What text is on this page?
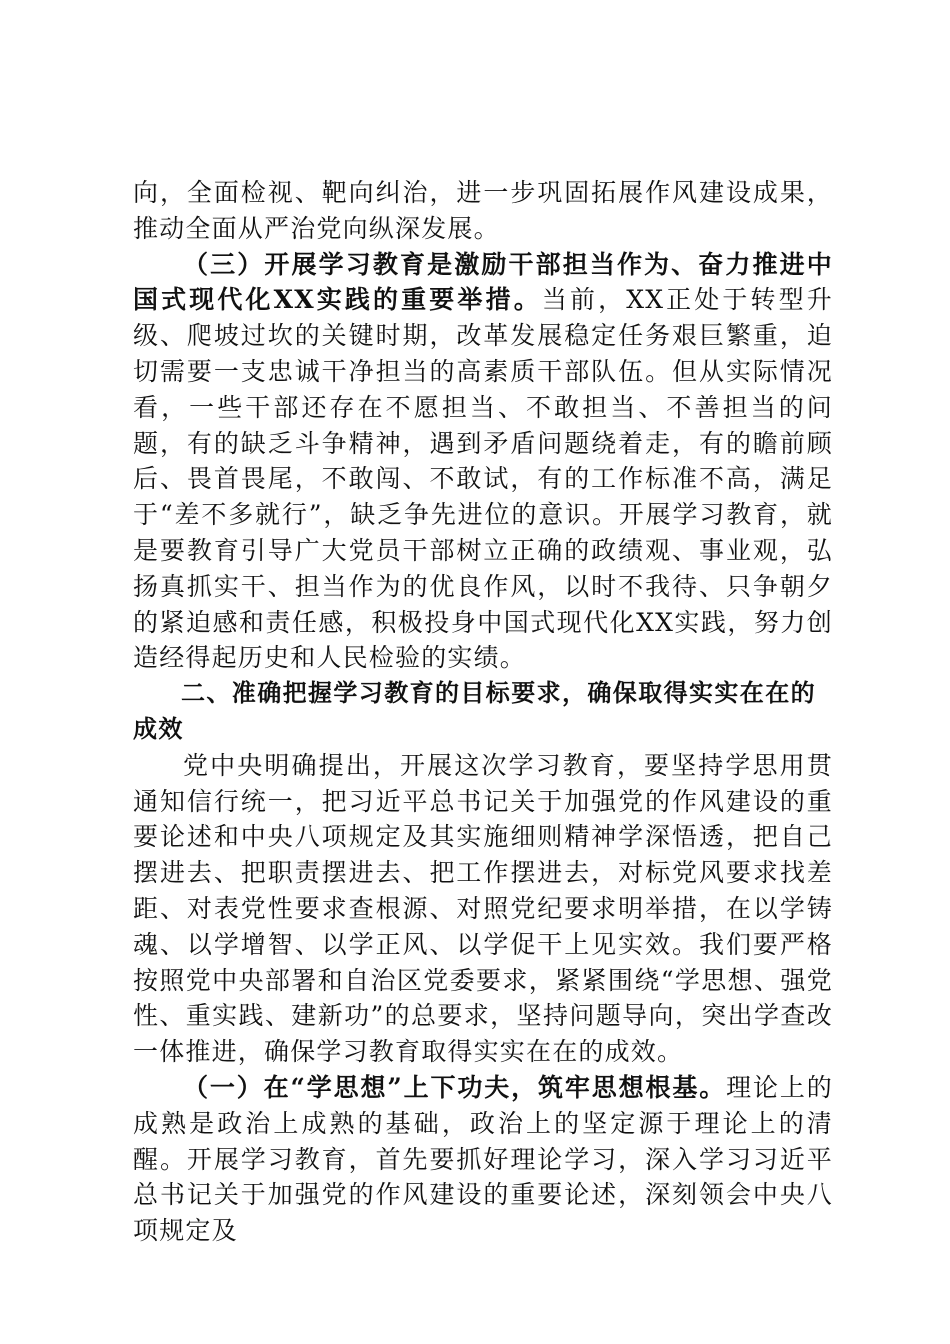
向，全面检视、靶向纠治，进一步巩固拓展作风建设成果，推动全面从严治党向纵深发展。

（三）开展学习教育是激励干部担当作为、奋力推进中国式现代化XX实践的重要举措。当前，XX正处于转型升级、爬坡过坎的关键时期，改革发展稳定任务艰巨繁重，迫切需要一支忠诚干净担当的高素质干部队伍。但从实际情况看，一些干部还存在不愿担当、不敢担当、不善担当的问题，有的缺乏斗争精神，遇到矛盾问题绕着走，有的瞻前顾后、畏首畏尾，不敢闯、不敢试，有的工作标准不高，满足于“差不多就行”，缺乏争先进位的意识。开展学习教育，就是要教育引导广大党员干部树立正确的政绩观、事业观，弘扬真抓实干、担当作为的优良作风，以时不我待、只争朝夕的紧迫感和责任感，积极投身中国式现代化XX实践，努力创造经得起历史和人民检验的实绩。

二、准确把握学习教育的目标要求，确保取得实实在在的成效

党中央明确提出，开展这次学习教育，要坚持学思用贯通知信行统一，把习近平总书记关于加强党的作风建设的重要论述和中央八项规定及其实施细则精神学深悟透，把自己摆进去、把职责摆进去、把工作摆进去，对标党风要求找差距、对表党性要求查根源、对照党纪要求明举措，在以学铸魂、以学增智、以学正风、以学促干上见实效。我们要严格按照党中央部署和自治区党委要求，紧紧围绕“学思想、强党性、重实践、建新功”的总要求，坚持问题导向，突出学查改一体推进，确保学习教育取得实实在在的成效。

（一）在“学思想”上下功夫，筑牢思想根基。理论上的成熟是政治上成熟的基础，政治上的坚定源于理论上的清醒。开展学习教育，首先要抓好理论学习，深入学习习近平总书记关于加强党的作风建设的重要论述，深刻领会中央八项规定及
